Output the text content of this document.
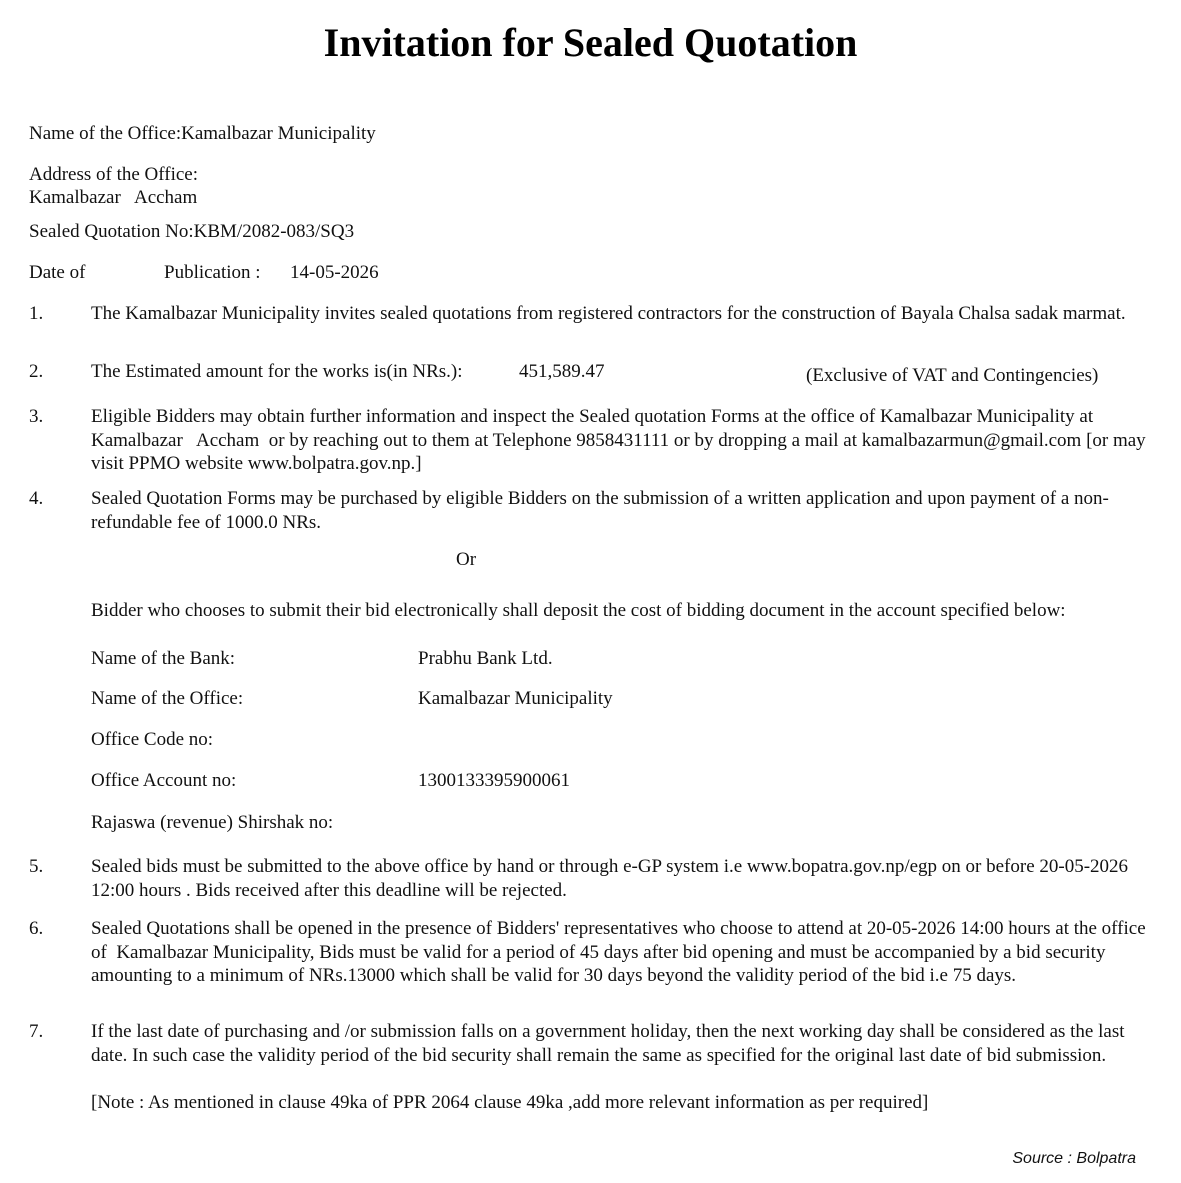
Invitation for Sealed Quotation
Name of the Office:Kamalbazar Municipality
Address of the Office:
Kamalbazar   Accham
Sealed Quotation No:KBM/2082-083/SQ3
Date of	Publication : 14-05-2026
1.	The Kamalbazar Municipality invites sealed quotations from registered contractors for the construction of Bayala Chalsa sadak marmat.
2.	The Estimated amount for the works is(in NRs.):	451,589.47	(Exclusive of VAT and Contingencies)
3.	Eligible Bidders may obtain further information and inspect the Sealed quotation Forms at the office of Kamalbazar Municipality at Kamalbazar   Accham  or by reaching out to them at Telephone 9858431111 or by dropping a mail at kamalbazarmun@gmail.com [or may visit PPMO website www.bolpatra.gov.np.]
4.	Sealed Quotation Forms may be purchased by eligible Bidders on the submission of a written application and upon payment of a non-refundable fee of 1000.0 NRs.
Or
Bidder who chooses to submit their bid electronically shall deposit the cost of bidding document in the account specified below:
Name of the Bank:	Prabhu Bank Ltd.
Name of the Office:	Kamalbazar Municipality
Office Code no:
Office Account no:	1300133395900061
Rajaswa (revenue) Shirshak no:
5.	Sealed bids must be submitted to the above office by hand or through e-GP system i.e www.bopatra.gov.np/egp on or before 20-05-2026 12:00 hours . Bids received after this deadline will be rejected.
6.	Sealed Quotations shall be opened in the presence of Bidders' representatives who choose to attend at 20-05-2026 14:00 hours at the office of  Kamalbazar Municipality, Bids must be valid for a period of 45 days after bid opening and must be accompanied by a bid security amounting to a minimum of NRs.13000 which shall be valid for 30 days beyond the validity period of the bid i.e 75 days.
7.	If the last date of purchasing and /or submission falls on a government holiday, then the next working day shall be considered as the last date. In such case the validity period of the bid security shall remain the same as specified for the original last date of bid submission.
[Note : As mentioned in clause 49ka of PPR 2064 clause 49ka ,add more relevant information as per required]
Source : Bolpatra
